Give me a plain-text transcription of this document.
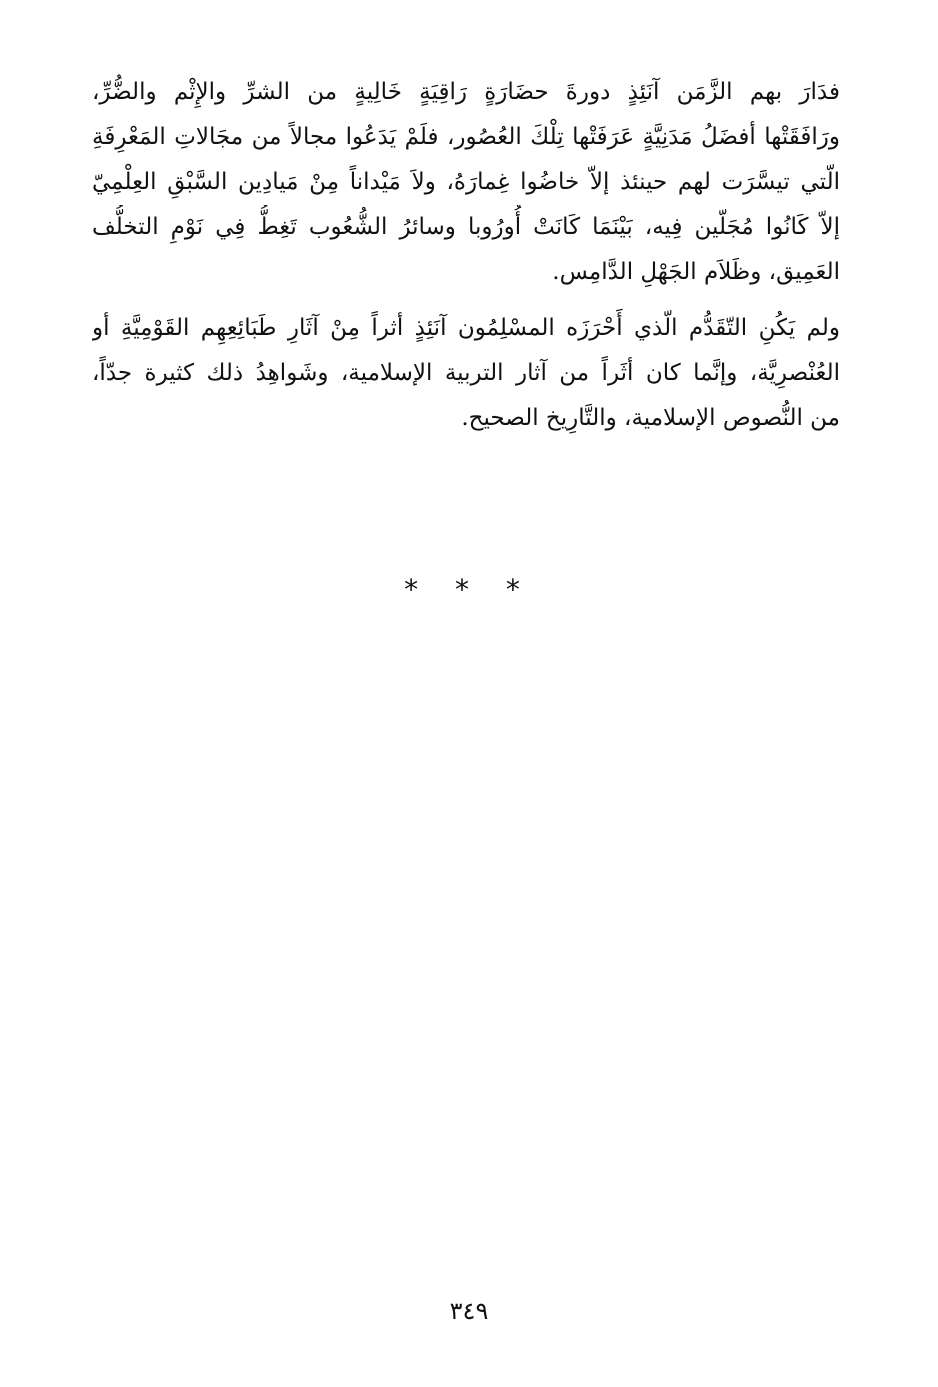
فدَارَ بهم الزَّمَن آنَئِذٍ دورةَ حضَارَةٍ رَاقِيَةٍ خَالِيةٍ من الشرِّ والإِثْم والضُّرِّ،
ورَافَقَتْها أفضَلُ مَدَنِيَّةٍ عَرَفَتْها تِلْكَ العُصُور، فلَمْ يَدَعُوا مجالاً من مجَالاتِ المَعْرِفَةِ
الّتي تيسَّرَت لهم حينئذ إلاّ خاضُوا غِمارَهُ، ولاَ مَيْداناً مِنْ مَيادِين السَّبْقِ العِلْمِيّ
إلاّ كَانُوا مُجَلّين فِيه، بَيْنَمَا كَانَتْ أُورُوبا وسائرُ الشُّعُوب تَغِطُّ فِي نَوْمِ التخلُّف
العَمِيق، وظَلاَم الجَهْلِ الدَّامِس.
ولم يَكُنِ التّقَدُّم الّذي أَحْرَزَه المسْلِمُون آنَئِذٍ أثراً مِنْ آثَارِ طَبَائِعِهِم القَوْمِيَّةِ أو
العُنْصرِيَّة، وإنَّما كان أثَراً من آثار التربية الإسلامية، وشَواهِدُ ذلك كثيرة جدّاً،
من النُّصوص الإسلامية، والتَّارِيخ الصحيح.
* * *
٣٤٩
